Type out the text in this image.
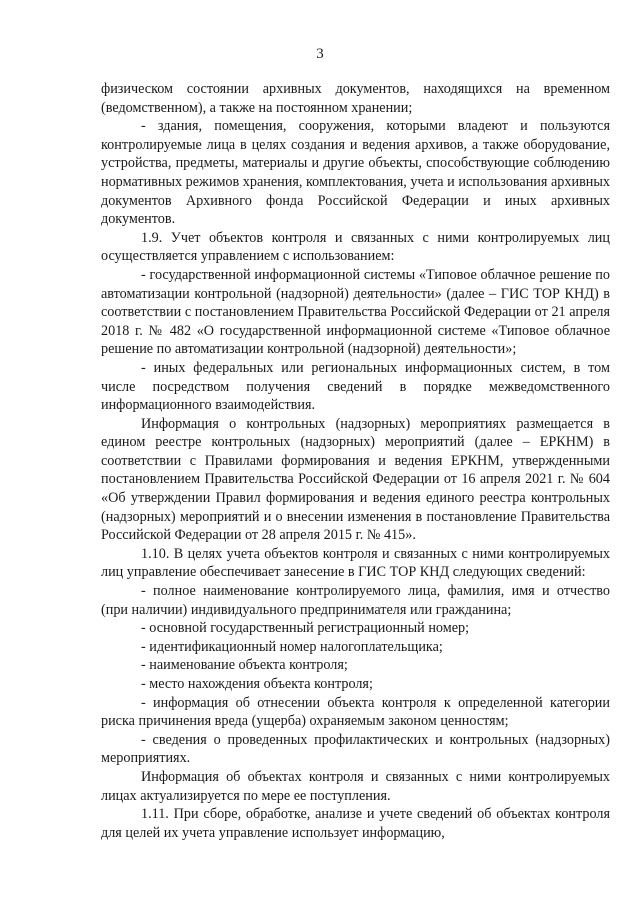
3

физическом состоянии архивных документов, находящихся на временном (ведомственном), а также на постоянном хранении;

- здания, помещения, сооружения, которыми владеют и пользуются контролируемые лица в целях создания и ведения архивов, а также оборудование, устройства, предметы, материалы и другие объекты, способствующие соблюдению нормативных режимов хранения, комплектования, учета и использования архивных документов Архивного фонда Российской Федерации и иных архивных документов.

1.9. Учет объектов контроля и связанных с ними контролируемых лиц осуществляется управлением с использованием:

- государственной информационной системы «Типовое облачное решение по автоматизации контрольной (надзорной) деятельности» (далее – ГИС ТОР КНД) в соответствии с постановлением Правительства Российской Федерации от 21 апреля 2018 г. № 482 «О государственной информационной системе «Типовое облачное решение по автоматизации контрольной (надзорной) деятельности»;

- иных федеральных или региональных информационных систем, в том числе посредством получения сведений в порядке межведомственного информационного взаимодействия.

Информация о контрольных (надзорных) мероприятиях размещается в едином реестре контрольных (надзорных) мероприятий (далее – ЕРКНМ) в соответствии с Правилами формирования и ведения ЕРКНМ, утвержденными постановлением Правительства Российской Федерации от 16 апреля 2021 г. № 604 «Об утверждении Правил формирования и ведения единого реестра контрольных (надзорных) мероприятий и о внесении изменения в постановление Правительства Российской Федерации от 28 апреля 2015 г. № 415».

1.10. В целях учета объектов контроля и связанных с ними контролируемых лиц управление обеспечивает занесение в ГИС ТОР КНД следующих сведений:

- полное наименование контролируемого лица, фамилия, имя и отчество (при наличии) индивидуального предпринимателя или гражданина;

- основной государственный регистрационный номер;

- идентификационный номер налогоплательщика;

- наименование объекта контроля;

- место нахождения объекта контроля;

- информация об отнесении объекта контроля к определенной категории риска причинения вреда (ущерба) охраняемым законом ценностям;

- сведения о проведенных профилактических и контрольных (надзорных) мероприятиях.

Информация об объектах контроля и связанных с ними контролируемых лицах актуализируется по мере ее поступления.

1.11. При сборе, обработке, анализе и учете сведений об объектах контроля для целей их учета управление использует информацию,
